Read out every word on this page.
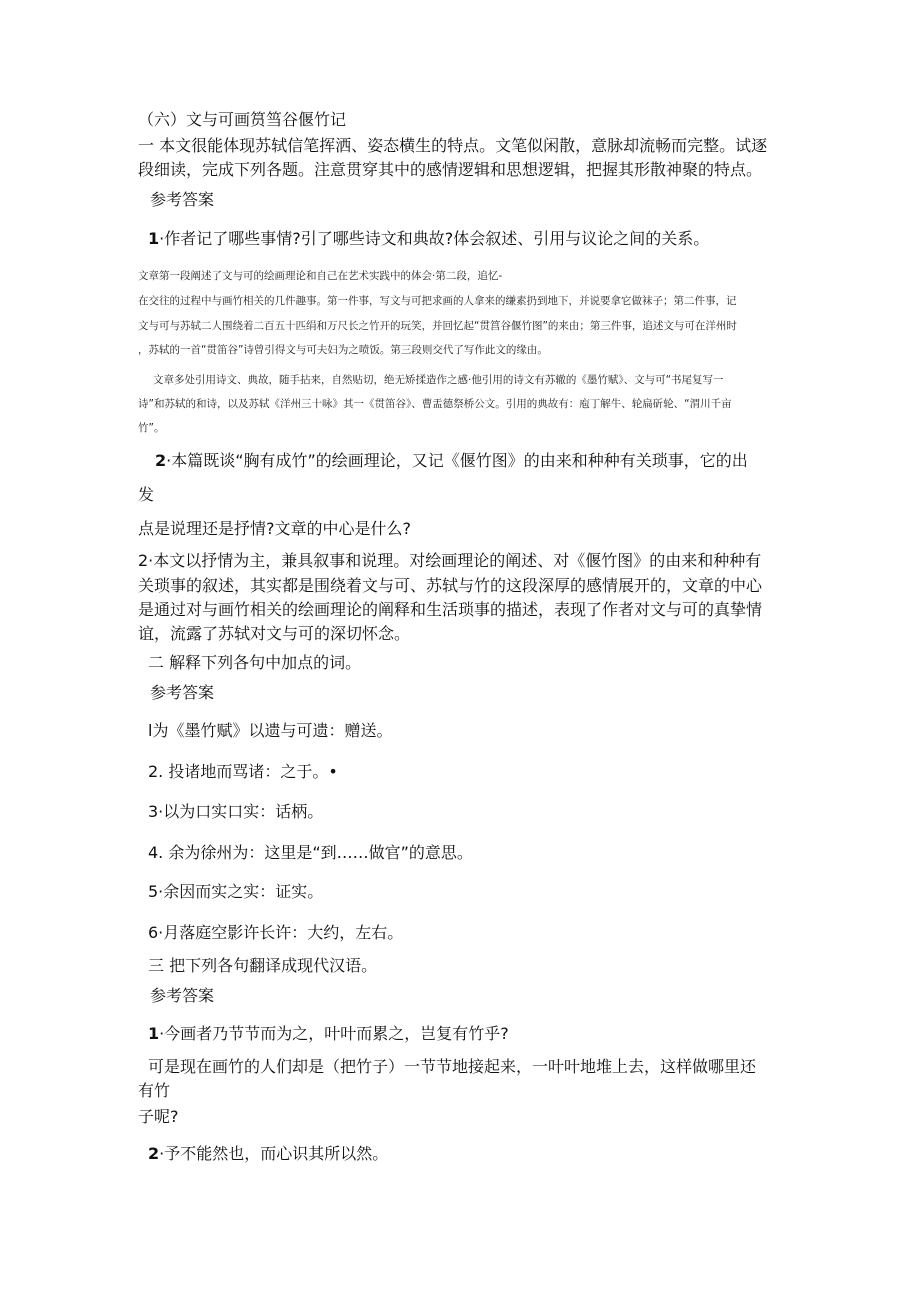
（六）文与可画筼筜谷偃竹记

一 本文很能体现苏轼信笔挥洒、姿态横生的特点。文笔似闲散，意脉却流畅而完整。试逐

段细读，完成下列各题。注意贯穿其中的感情逻辑和思想逻辑，把握其形散神聚的特点。

参考答案

1·作者记了哪些事情?引了哪些诗文和典故?体会叙述、引用与议论之间的关系。

文章第一段阐述了文与可的绘画理论和自己在艺术实践中的体会·第二段，追忆-

在交往的过程中与画竹相关的几件趣事。第一件事，写文与可把求画的人拿来的缣素扔到地下，并说要拿它做袜子；第二件事，记

文与可与苏轼二人围绕着二百五十匹绢和万尺长之竹开的玩笑，并回忆起“贯筥谷偃竹图”的来由；第三件事，追述文与可在洋州时

，苏轼的一首“贯笛谷”诗曾引得文与可夫妇为之喷饭。第三段则交代了写作此文的缘由。

文章多处引用诗文、典故，随手拈来，自然贴切，绝无矫揉造作之感·他引用的诗文有苏辙的《墨竹赋》、文与可“书尾复写一

诗”和苏轼的和诗，以及苏轼《洋州三十咏》其一《贯笛谷》、曹盂德祭桥公文。引用的典故有：庖丁解牛、轮扁斫轮、“渭川千亩

竹”。

2·本篇既谈“胸有成竹”的绘画理论，又记《偃竹图》的由来和种种有关琐事，它的出

发

点是说理还是抒情?文章的中心是什么?

2·本文以抒情为主，兼具叙事和说理。对绘画理论的阐述、对《偃竹图》的由来和种种有

关琐事的叙述，其实都是围绕着文与可、苏轼与竹的这段深厚的感情展开的，文章的中心

是通过对与画竹相关的绘画理论的阐释和生活琐事的描述，表现了作者对文与可的真挚情

谊，流露了苏轼对文与可的深切怀念。

二 解释下列各句中加点的词。

参考答案

l为《墨竹赋》以遗与可遗：赠送。

2. 投诸地而骂诸：之于。•

3·以为口实口实：话柄。

4. 余为徐州为：这里是“到……做官”的意思。

5·余因而实之实：证实。

6·月落庭空影许长许：大约，左右。

三 把下列各句翻译成现代汉语。

参考答案

1·今画者乃节节而为之，叶叶而累之，岂复有竹乎?

可是现在画竹的人们却是（把竹子）一节节地接起来，一叶叶地堆上去，这样做哪里还

有竹

子呢?

2·予不能然也，而心识其所以然。
